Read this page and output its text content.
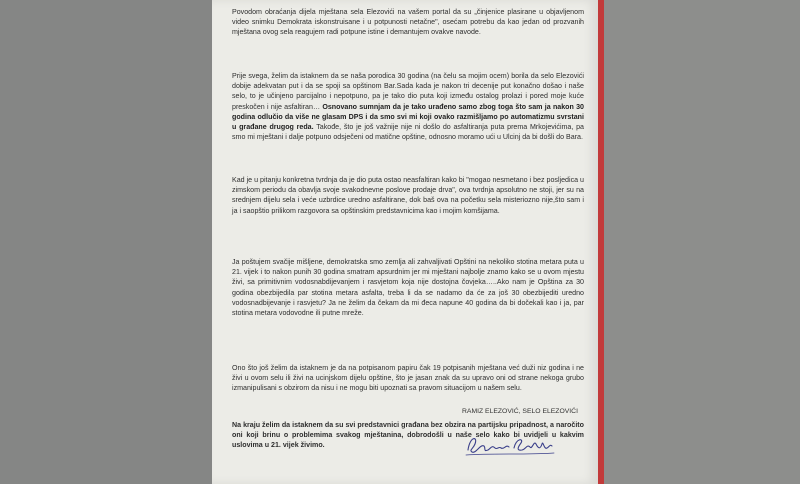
Povodom obraćanja dijela mještana sela Elezovići na vašem portal da su „činjenice plasirane u objavljenom video snimku Demokrata iskonstruisane i u potpunosti netačne", osećam potrebu da kao jedan od prozvanih mještana ovog sela reagujem radi potpune istine i demantujem ovakve navode.

Prije svega, želim da istaknem da se naša porodica 30 godina (na čelu sa mojim ocem) borila da selo Elezovići dobije adekvatan put i da se spoji sa opštinom Bar.Sada kada je nakon tri decenije put konačno došao i naše selo, to je učinjeno parcijalno i nepotpuno, pa je tako dio puta koji između ostalog prolazi i pored moje kuće preskočen i nije asfaltiran… Osnovano sumnjam da je tako urađeno samo zbog toga što sam ja nakon 30 godina odlučio da više ne glasam DPS i da smo svi mi koji ovako razmišljamo po automatizmu svrstani u građane drugog reda. Takođe, što je još važnije nije ni došlo do asfaltiranja puta prema Mrkojevićima, pa smo mi mještani i dalje potpuno odsječeni od matične opštine, odnosno moramo ući u Ulcinj da bi došli do Bara.

Kad je u pitanju konkretna tvrdnja da je dio puta ostao neasfaltiran kako bi "mogao nesmetano i bez posljedica u zimskom periodu da obavlja svoje svakodnevne poslove prodaje drva", ova tvrdnja apsolutno ne stoji, jer su na srednjem dijelu sela i veće uzbrdice uredno asfaltirane, dok baš ova na početku sela misteriozno nije,što sam i ja i saopštio prilikom razgovora sa opštinskim predstavnicima kao i mojim komšijama.

Ja poštujem svačije mišljene, demokratska smo zemlja ali zahvaljivati Opštini na nekoliko stotina metara puta u 21. vijek i to nakon punih 30 godina smatram apsurdnim jer mi mještani najbolje znamo kako se u ovom mjestu živi, sa primitivnim vodosnabdijevanjem i rasvjetom koja nije dostojna čovjeka…..Ako nam je Opština za 30 godina obezbijedila par stotina metara asfalta, treba li da se nadamo da će za još 30 obezbijediti uredno vodosnadbijevanje i rasvjetu? Ja ne želim da čekam da mi đeca napune 40 godina da bi dočekali kao i ja, par stotina metara vodovodne ili putne mreže.

Ono što još želim da istaknem je da na potpisanom papiru čak 19 potpisanih mještana već duži niz godina i ne živi u ovom selu ili živi na ucinjskom dijelu opštine, što je jasan znak da su upravo oni od strane nekoga grubo izmanipulisani s obzirom da nisu i ne mogu biti upoznati sa pravom situacijom u našem selu.

Na kraju želim da istaknem da su svi predstavnici građana bez obzira na partijsku pripadnost, a naročito oni koji brinu o problemima svakog mještanina, dobrodošli u naše selo kako bi uvidjeli u kakvim uslovima u 21. vijek živimo.

RAMIZ ELEZOVIĆ, SELO ELEZOVIĆI
